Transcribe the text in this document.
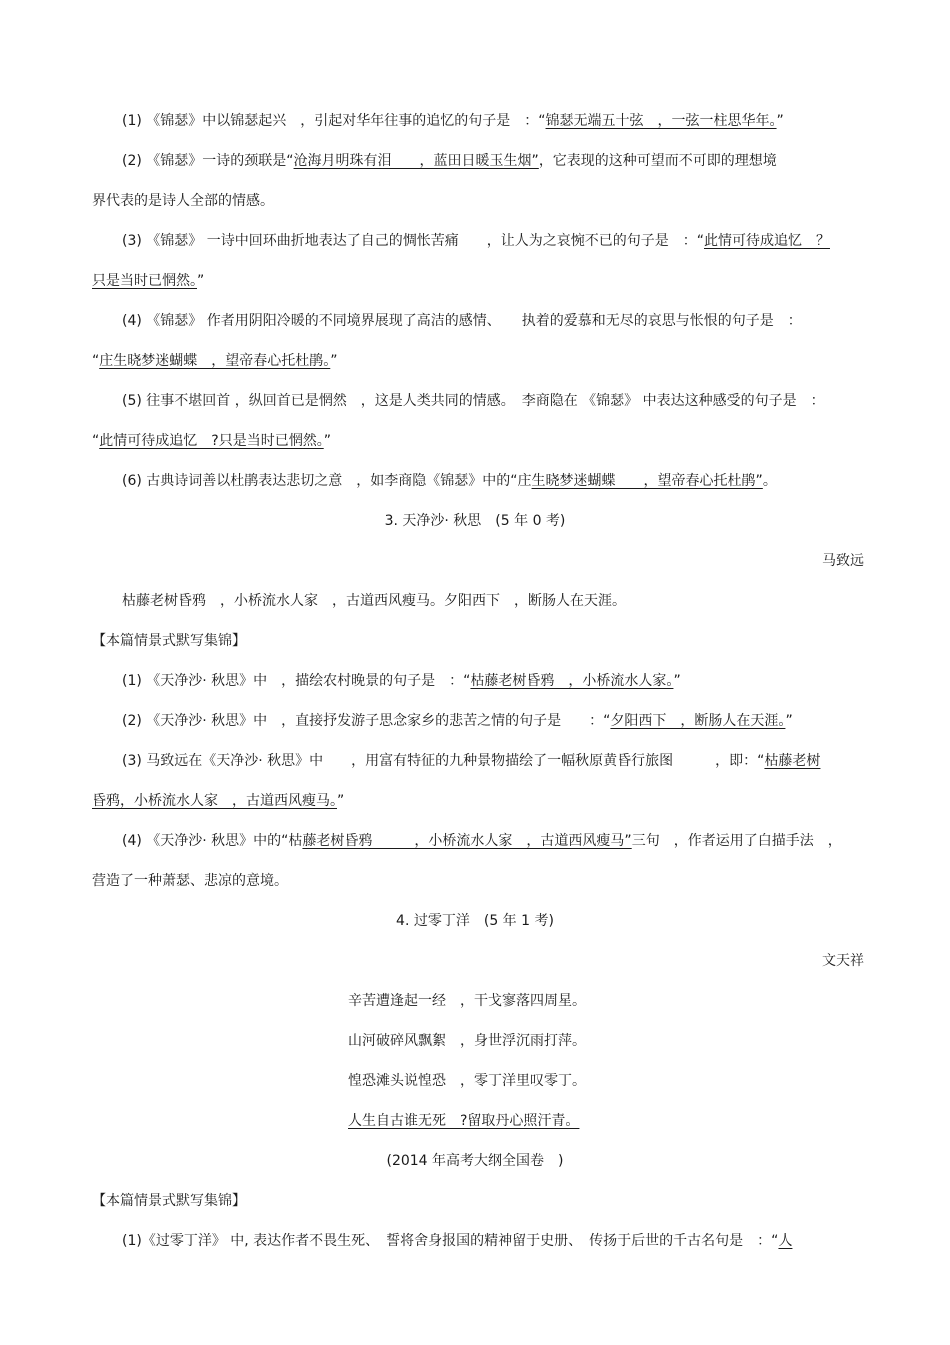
(1) 《锦瑟》中以锦瑟起兴　，引起对华年往事的追忆的句子是　：“锦瑟无端五十弦　，一弦一柱思华年。”
(2) 《锦瑟》一诗的颈联是“沧海月明珠有泪　　，蓝田日暖玉生烟”，它表现的这种可望而不可即的理想境
界代表的是诗人全部的情感。
(3) 《锦瑟》 一诗中回环曲折地表达了自己的惆怅苦痛　　，让人为之哀惋不已的句子是　：“此情可待成追忆　？
只是当时已惘然。”
(4) 《锦瑟》 作者用阴阳冷暖的不同境界展现了高洁的感情、　　执着的爱慕和无尽的哀思与怅恨的句子是　：
“庄生晓梦迷蝴蝶　，望帝春心托杜鹃。”
(5) 往事不堪回首 ，纵回首已是惘然　，这是人类共同的情感。　李商隐在 《锦瑟》 中表达这种感受的句子是　：
“此情可待成追忆　?只是当时已惘然。”
(6) 古典诗词善以杜鹃表达悲切之意　，如李商隐《锦瑟》中的“庄生晓梦迷蝴蝶　　，望帝春心托杜鹃”。
3. 天净沙· 秋思　(5 年 0 考)
马致远
枯藤老树昏鸦　，小桥流水人家　，古道西风瘦马。夕阳西下　，断肠人在天涯。
【本篇情景式默写集锦】
(1) 《天净沙· 秋思》中　，描绘农村晚景的句子是　：“枯藤老树昏鸦　，小桥流水人家。”
(2) 《天净沙· 秋思》中　，直接抒发游子思念家乡的悲苦之情的句子是　　：“夕阳西下　，断肠人在天涯。”
(3) 马致远在《天净沙· 秋思》中　　，用富有特征的九种景物描绘了一幅秋原黄昏行旅图　　　，即：“枯藤老树
昏鸦，小桥流水人家　，古道西风瘦马。”
(4) 《天净沙· 秋思》中的“枯藤老树昏鸦　　　，小桥流水人家　，古道西风瘦马”三句　，作者运用了白描手法　，
营造了一种萧瑟、悲凉的意境。
4. 过零丁洋　(5 年 1 考)
文天祥
辛苦遭逢起一经　，干戈寥落四周星。
山河破碎风飘絮　，身世浮沉雨打萍。
惶恐滩头说惶恐　，零丁洋里叹零丁。
人生自古谁无死　?留取丹心照汗青。
(2014 年高考大纲全国卷　)
【本篇情景式默写集锦】
(1)《过零丁洋》 中, 表达作者不畏生死、　誓将舍身报国的精神留于史册、　传扬于后世的千古名句是　：“人
